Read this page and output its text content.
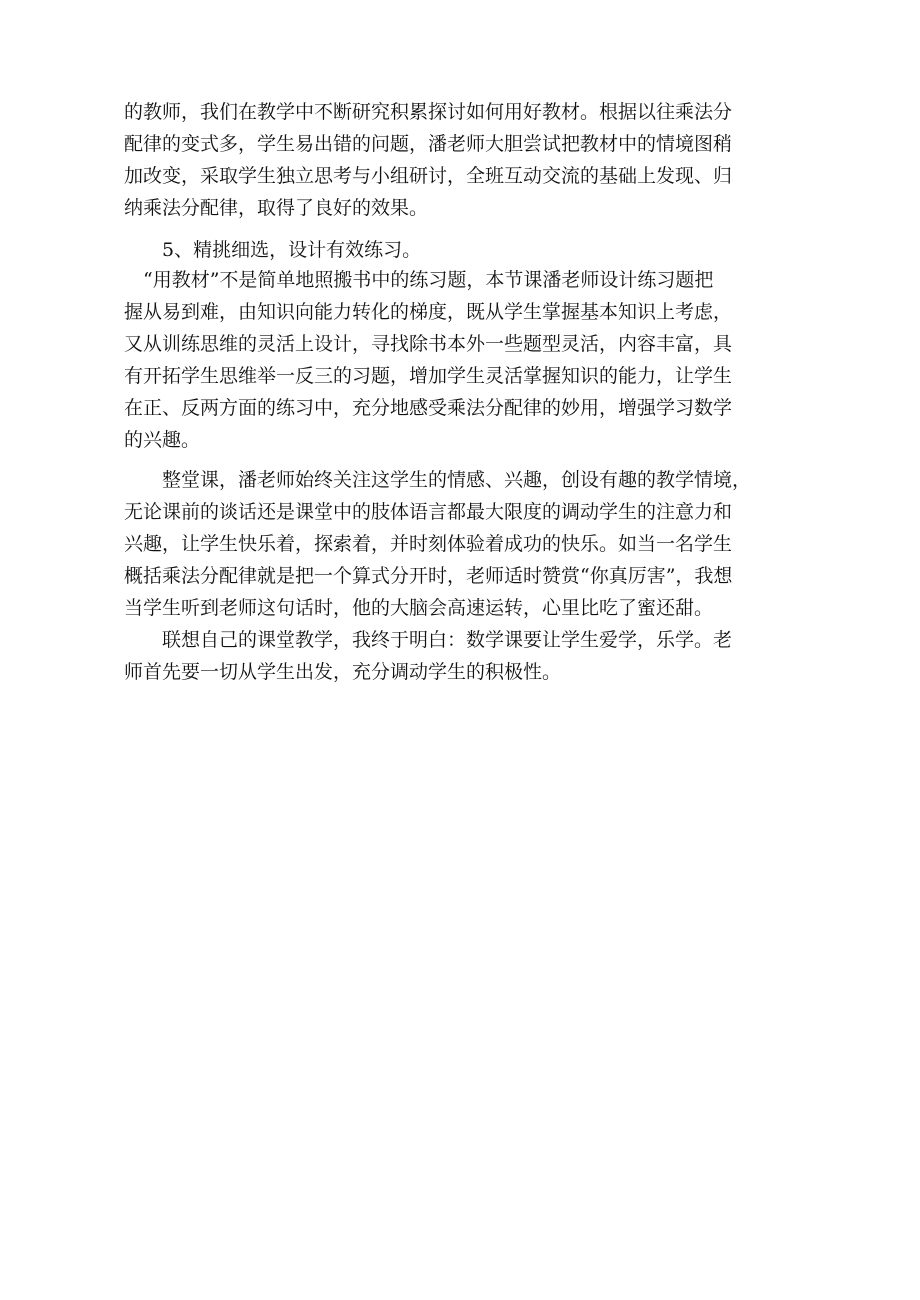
的教师，我们在教学中不断研究积累探讨如何用好教材。根据以往乘法分
配律的变式多，学生易出错的问题，潘老师大胆尝试把教材中的情境图稍
加改变，采取学生独立思考与小组研讨，全班互动交流的基础上发现、归
纳乘法分配律，取得了良好的效果。
　　5、精挑细选，设计有效练习。
　“用教材”不是简单地照搬书中的练习题，本节课潘老师设计练习题把
握从易到难，由知识向能力转化的梯度，既从学生掌握基本知识上考虑，
又从训练思维的灵活上设计，寻找除书本外一些题型灵活，内容丰富，具
有开拓学生思维举一反三的习题，增加学生灵活掌握知识的能力，让学生
在正、反两方面的练习中，充分地感受乘法分配律的妙用，增强学习数学
的兴趣。
　　整堂课，潘老师始终关注这学生的情感、兴趣，创设有趣的教学情境，
无论课前的谈话还是课堂中的肢体语言都最大限度的调动学生的注意力和
兴趣，让学生快乐着，探索着，并时刻体验着成功的快乐。如当一名学生
概括乘法分配律就是把一个算式分开时，老师适时赞赏“你真厉害”，我想
当学生听到老师这句话时，他的大脑会高速运转，心里比吃了蜜还甜。
　　联想自己的课堂教学，我终于明白：数学课要让学生爱学，乐学。老
师首先要一切从学生出发，充分调动学生的积极性。
